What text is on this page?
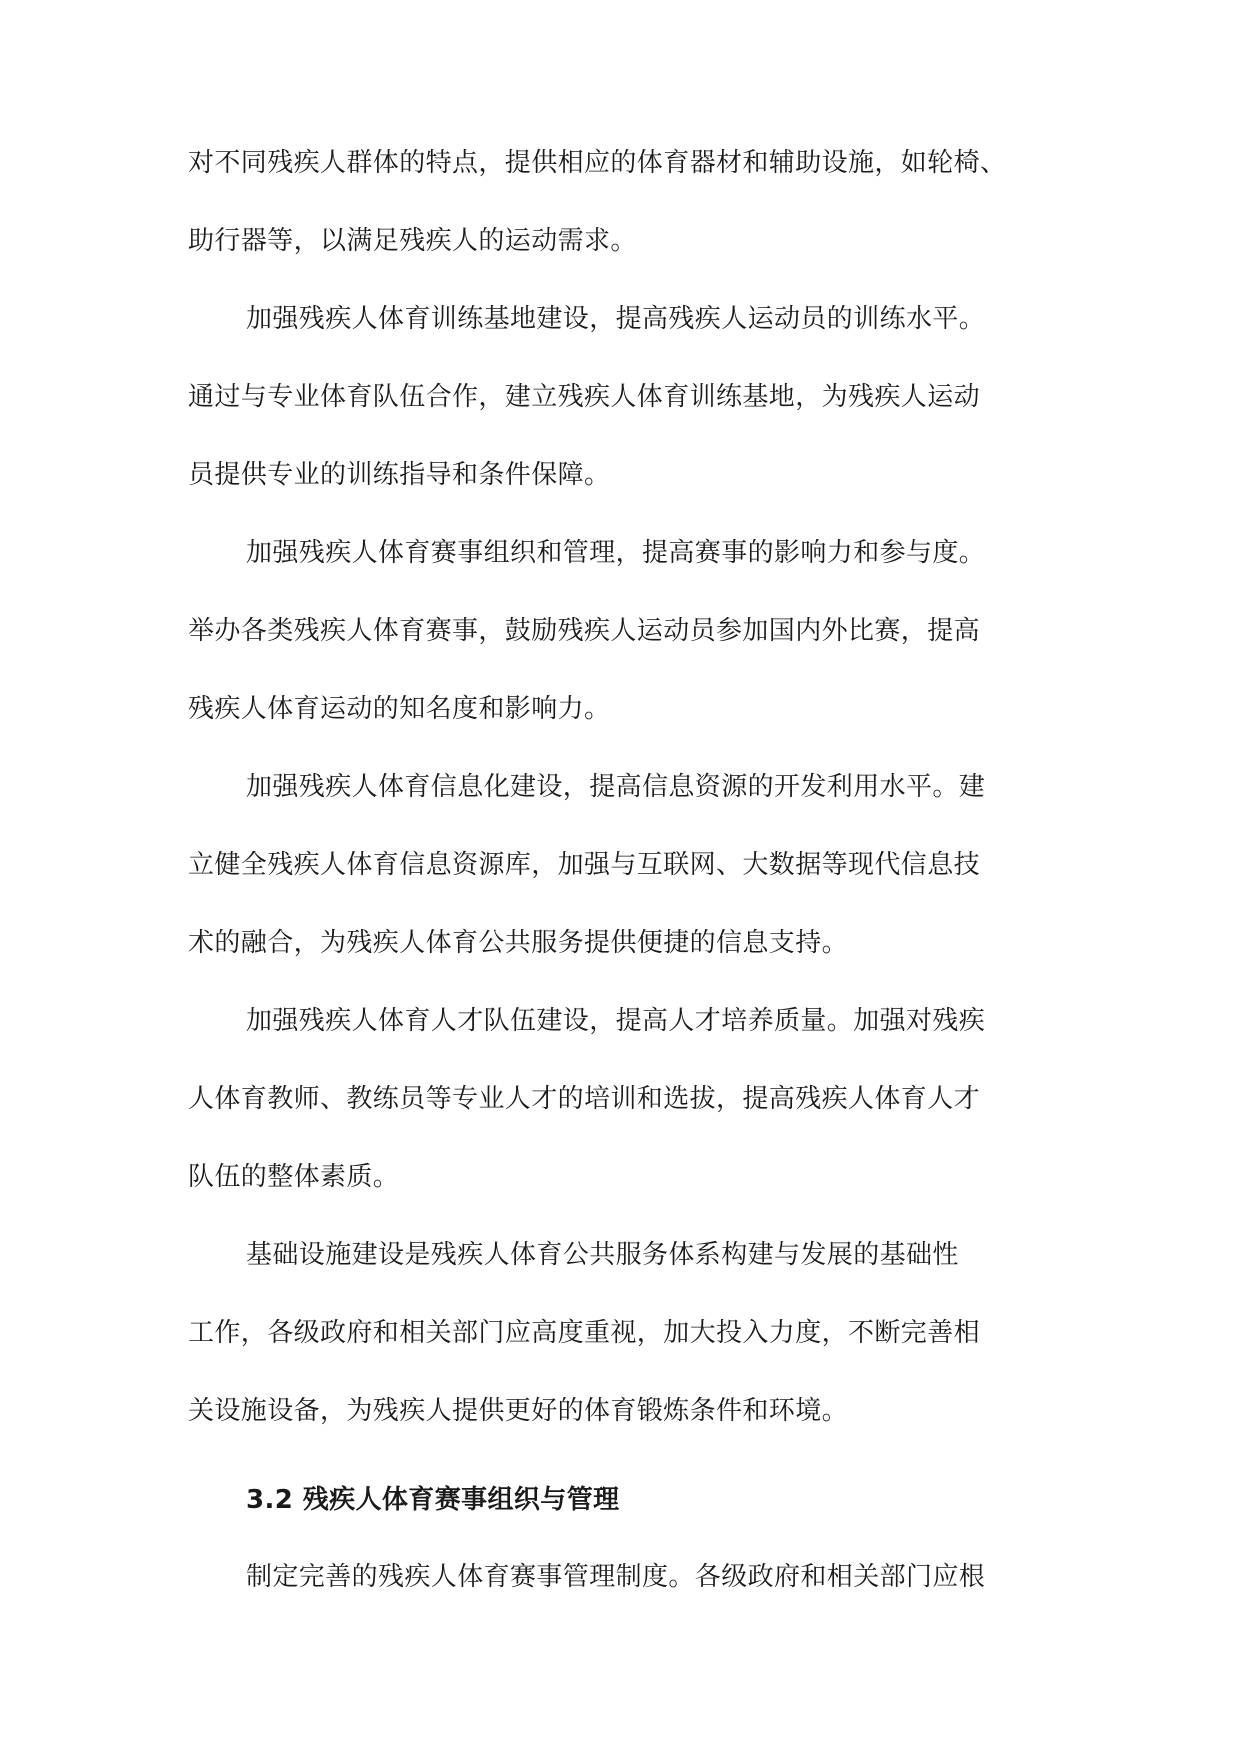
对不同残疾人群体的特点，提供相应的体育器材和辅助设施，如轮椅、
助行器等，以满足残疾人的运动需求。
加强残疾人体育训练基地建设，提高残疾人运动员的训练水平。
通过与专业体育队伍合作，建立残疾人体育训练基地，为残疾人运动
员提供专业的训练指导和条件保障。
加强残疾人体育赛事组织和管理，提高赛事的影响力和参与度。
举办各类残疾人体育赛事，鼓励残疾人运动员参加国内外比赛，提高
残疾人体育运动的知名度和影响力。
加强残疾人体育信息化建设，提高信息资源的开发利用水平。建
立健全残疾人体育信息资源库，加强与互联网、大数据等现代信息技
术的融合，为残疾人体育公共服务提供便捷的信息支持。
加强残疾人体育人才队伍建设，提高人才培养质量。加强对残疾
人体育教师、教练员等专业人才的培训和选拔，提高残疾人体育人才
队伍的整体素质。
基础设施建设是残疾人体育公共服务体系构建与发展的基础性
工作，各级政府和相关部门应高度重视，加大投入力度，不断完善相
关设施设备，为残疾人提供更好的体育锻炼条件和环境。
3.2 残疾人体育赛事组织与管理
制定完善的残疾人体育赛事管理制度。各级政府和相关部门应根
